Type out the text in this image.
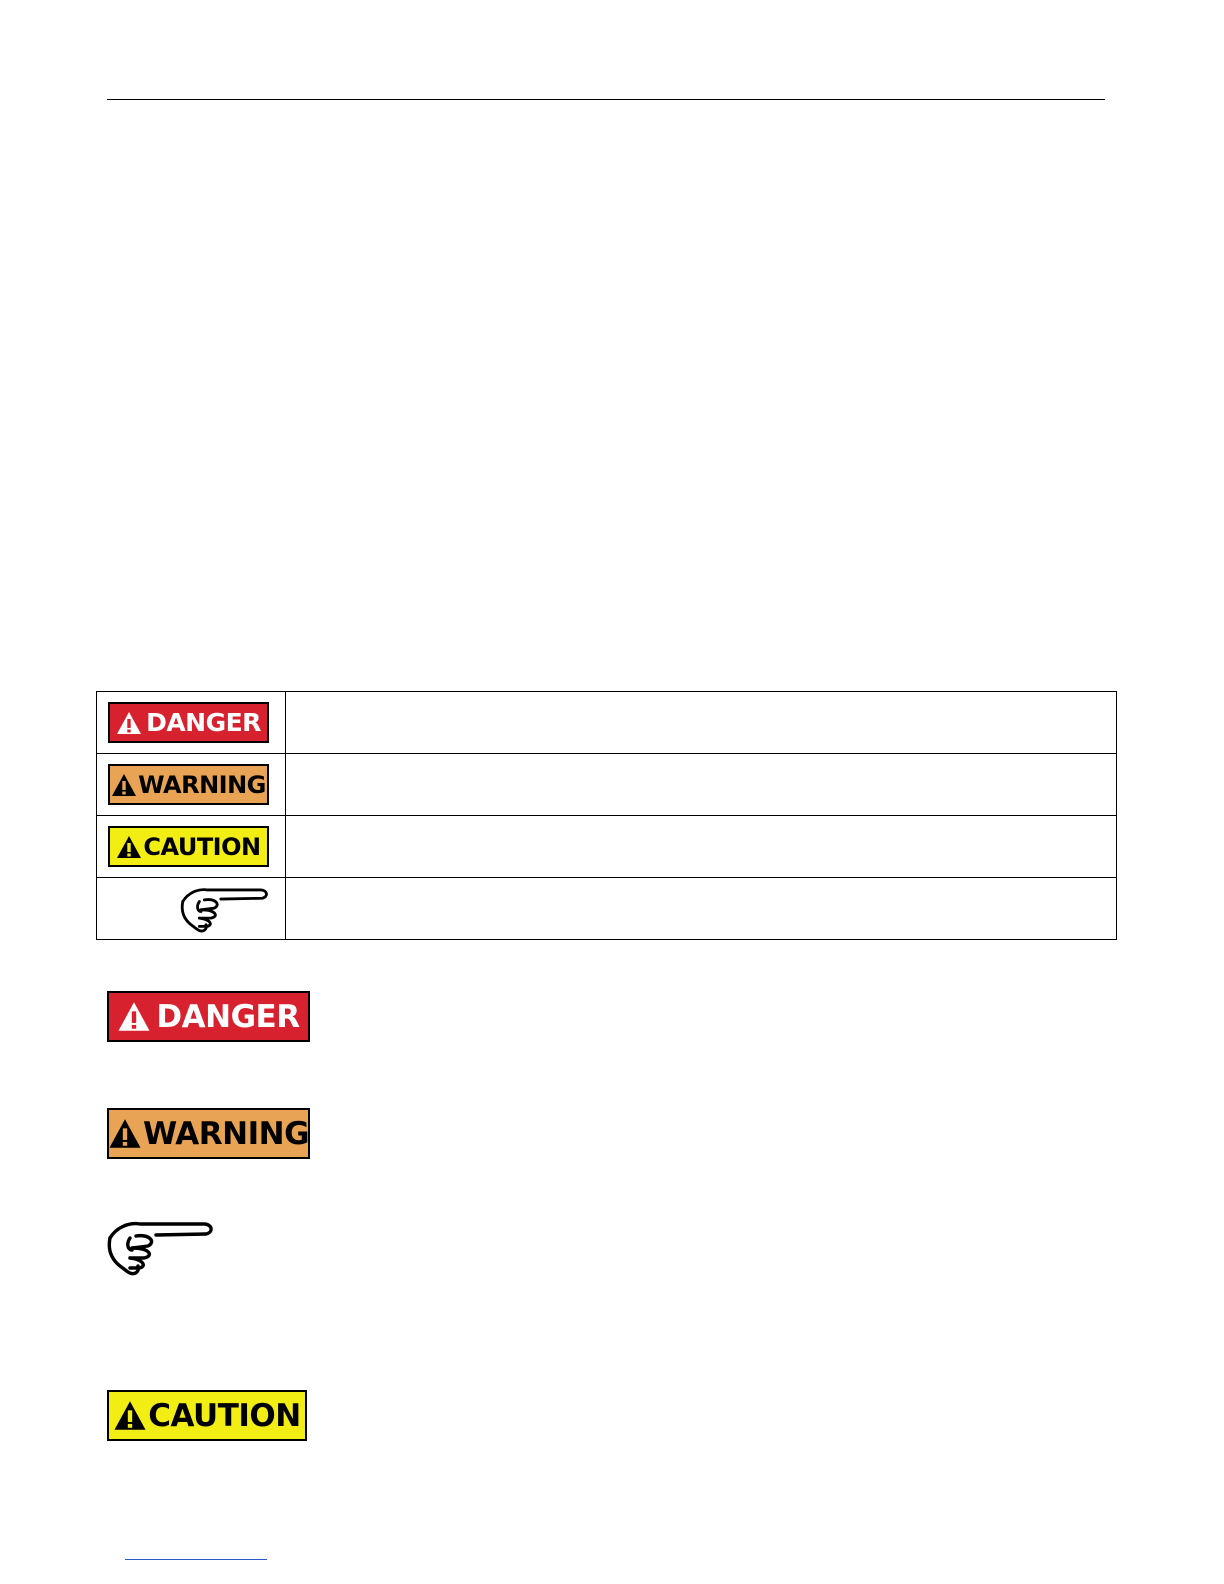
DANGER	

WARNING	

CAUTION	

DANGER
WARNING
CAUTION
